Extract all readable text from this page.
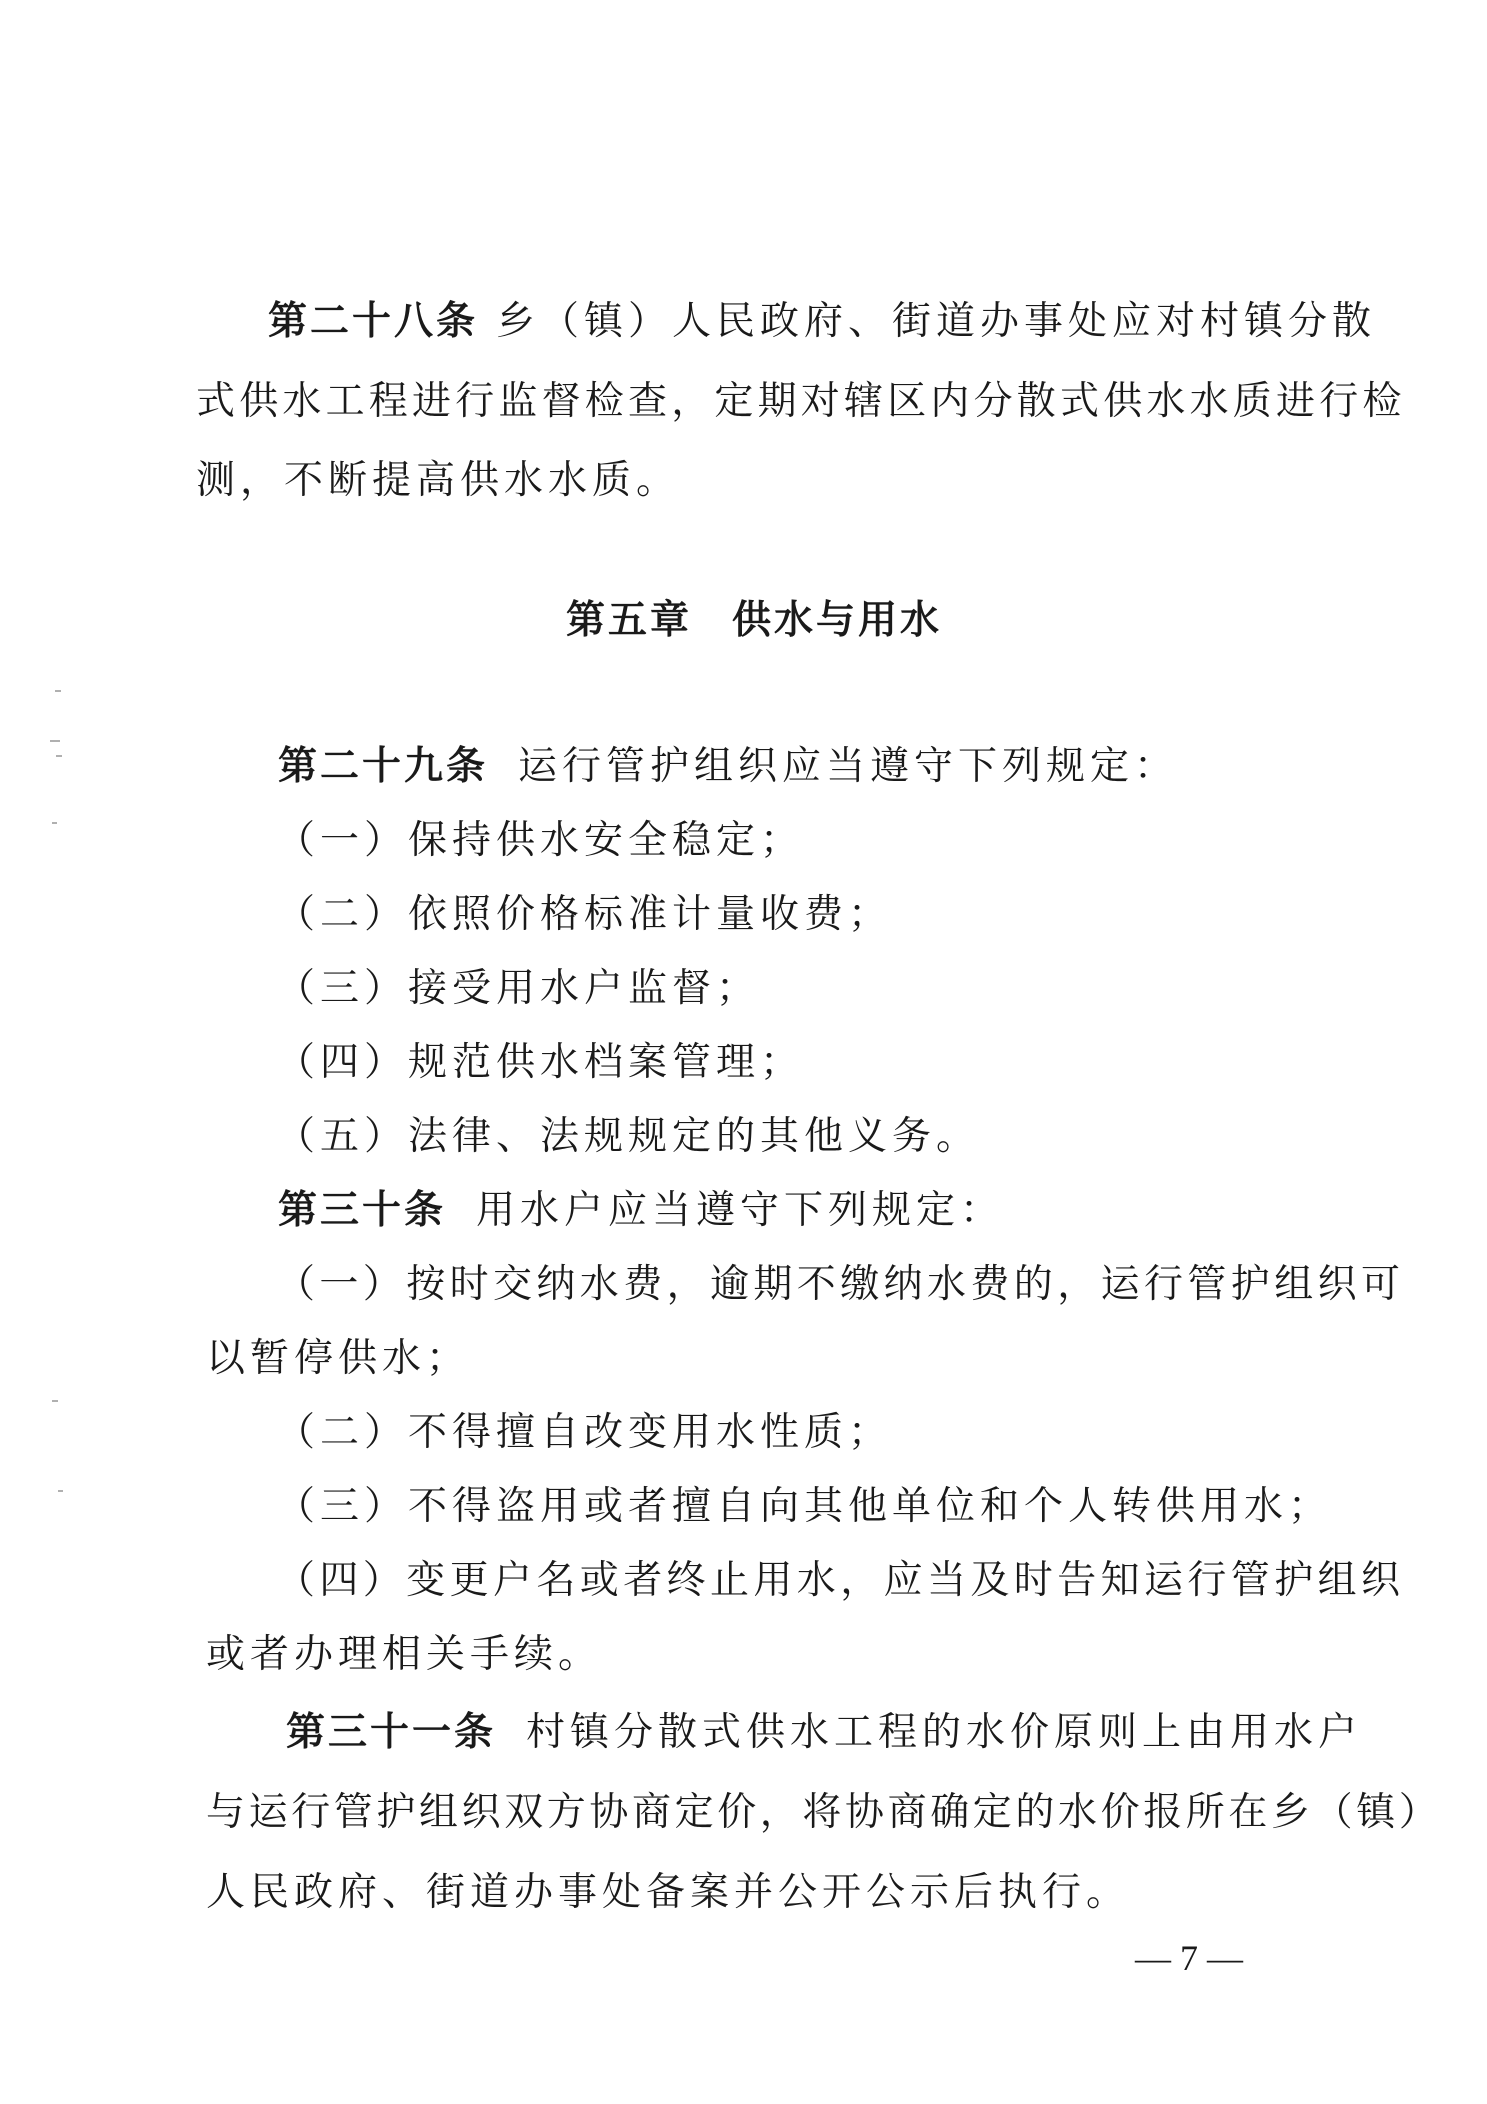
第二十八条 乡（镇）人民政府、街道办事处应对村镇分散
式供水工程进行监督检查，定期对辖区内分散式供水水质进行检
测，不断提高供水水质。
第五章 供水与用水
第二十九条 运行管护组织应当遵守下列规定：
（一）保持供水安全稳定；
（二）依照价格标准计量收费；
（三）接受用水户监督；
（四）规范供水档案管理；
（五）法律、法规规定的其他义务。
第三十条 用水户应当遵守下列规定：
（一）按时交纳水费，逾期不缴纳水费的，运行管护组织可
以暂停供水；
（二）不得擅自改变用水性质；
（三）不得盗用或者擅自向其他单位和个人转供用水；
（四）变更户名或者终止用水，应当及时告知运行管护组织
或者办理相关手续。
第三十一条 村镇分散式供水工程的水价原则上由用水户
与运行管护组织双方协商定价，将协商确定的水价报所在乡（镇）
人民政府、街道办事处备案并公开公示后执行。
— 7 —
